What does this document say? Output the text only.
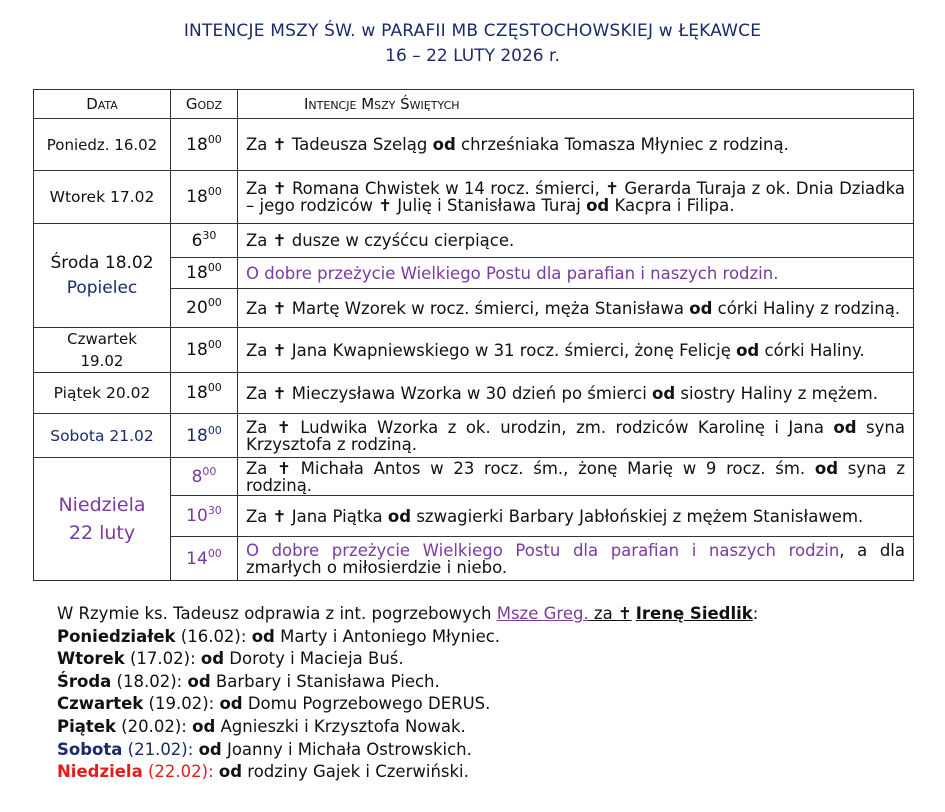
INTENCJE MSZY ŚW. w PARAFII MB CZĘSTOCHOWSKIEJ w ŁĘKAWCE
16 – 22 LUTY 2026 r.
Data	Godz	Intencje Mszy Świętych
Poniedz. 16.02	$18^{00}$	Za ✝ Tadeusza Szeląg od chrześniaka Tomasza Młyniec z rodziną.
Wtorek 17.02	$18^{00}$	Za ✝ Romana Chwistek w 14 rocz. śmierci, ✝ Gerarda Turaja z ok. Dnia Dziadka – jego rodziców ✝ Julię i Stanisława Turaj od Kacpra i Filipa.

Środa 18.02
Popielec	$6^{30}$	Za ✝ dusze w czyśćcu cierpiące.
	$18^{00}$	O dobre przeżycie Wielkiego Postu dla parafian i naszych rodzin.
	$20^{00}$	Za ✝ Martę Wzorek w rocz. śmierci, męża Stanisława od córki Haliny z rodziną.
Czwartek 19.02	$18^{00}$	Za ✝ Jana Kwapniewskiego w 31 rocz. śmierci, żonę Felicję od córki Haliny.
Piątek 20.02	$18^{00}$	Za ✝ Mieczysława Wzorka w 30 dzień po śmierci od siostry Haliny z mężem.
Sobota 21.02	$18^{00}$	Za ✝ Ludwika Wzorka z ok. urodzin, zm. rodziców Karolinę i Jana od syna Krzysztofa z rodziną.

Niedziela
22 luty	$8^{00}$	Za ✝ Michała Antos w 23 rocz. śm., żonę Marię w 9 rocz. śm. od syna z rodziną.
	$10^{30}$	Za ✝ Jana Piątka od szwagierki Barbary Jabłońskiej z mężem Stanisławem.
	$14^{00}$	O dobre przeżycie Wielkiego Postu dla parafian i naszych rodzin, a dla zmarłych o miłosierdzie i niebo.
W Rzymie ks. Tadeusz odprawia z int. pogrzebowych Msze Greg. za ✝ Irenę Siedlik:
Poniedziałek (16.02): od Marty i Antoniego Młyniec.
Wtorek (17.02): od Doroty i Macieja Buś.
Środa (18.02): od Barbary i Stanisława Piech.
Czwartek (19.02): od Domu Pogrzebowego DERUS.
Piątek (20.02): od Agnieszki i Krzysztofa Nowak.
Sobota (21.02): od Joanny i Michała Ostrowskich.
Niedziela (22.02): od rodziny Gajek i Czerwiński.
